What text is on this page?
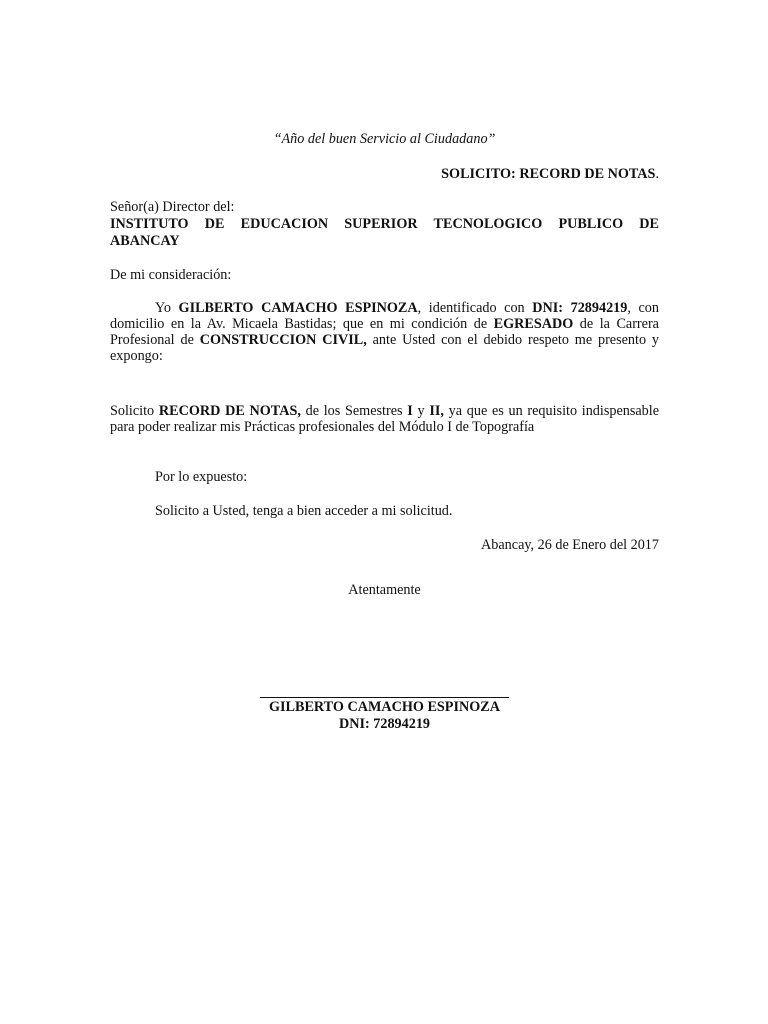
“Año del buen Servicio al Ciudadano”

SOLICITO: RECORD DE NOTAS.

Señor(a) Director del:

INSTITUTO DE EDUCACION SUPERIOR TECNOLOGICO PUBLICO DE

ABANCAY

De mi consideración:

Yo GILBERTO CAMACHO ESPINOZA, identificado con DNI: 72894219, con domicilio en la Av. Micaela Bastidas; que en mi condición de EGRESADO de la Carrera Profesional de CONSTRUCCION CIVIL, ante Usted con el debido respeto me presento y expongo:

Solicito RECORD DE NOTAS, de los Semestres I y II, ya que es un requisito indispensable para poder realizar mis Prácticas profesionales del Módulo I de Topografía

Por lo expuesto:

Solicito a Usted, tenga a bien acceder a mi solicitud.

Abancay, 26 de Enero del 2017

Atentamente

GILBERTO CAMACHO ESPINOZA

DNI: 72894219
